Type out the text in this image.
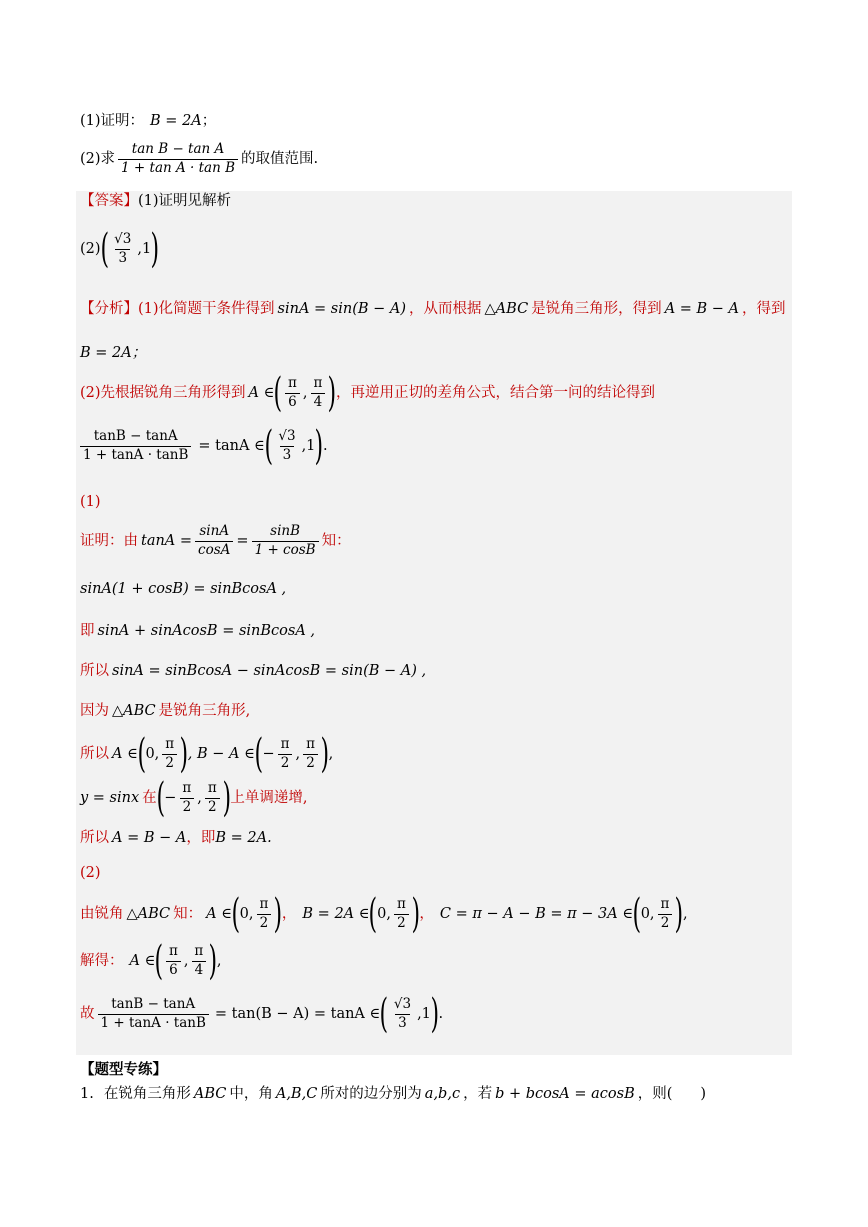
(1)证明： B = 2A ；
(2)求 $\frac{\text{tan B − tan A}}{\text{1 + tan A · tan B}}$ 的取值范围.
【答案】 (1)证明见解析
(2) ( $\frac{√3}{3} ,1$ )
【分析】 (1)化简题干条件得到 sinA = sin(B − A) ，从而根据 △ABC 是锐角三角形，得到 A = B − A ，得到
B = 2A；
(2)先根据锐角三角形得到 A ∈ ( $\frac{\pi}{6}$ , $\frac{\pi}{4}$ ) ，再逆用正切的差角公式，结合第一问的结论得到
$\frac{\tan B - \tan A}{1 + \tan A \cdot \tan B} = \tan A$ ∈ ( $\frac{√3}{3} ,1$ ) .
(1)
证明：由 $\tan A = \frac{\sin A}{\cos A} = \frac{\sin B}{1 + \cos B}$ 知：
sinA(1 + cosB) = sinBcosA ,
即 sinA + sinAcosB = sinBcosA ,
所以 sinA = sinBcosA − sinAcosB = sin(B − A) ,
因为 △ABC 是锐角三角形,
所以 A ∈ ( 0, $\frac{\pi}{2}$ ) , B − A ∈ ( − $\frac{\pi}{2}$ , $\frac{\pi}{2}$ ) ,
y = sinx 在 ( − $\frac{\pi}{2}$ , $\frac{\pi}{2}$ ) 上单调递增,
所以 A = B − A ，即 B = 2A.
(2)
由锐角 △ABC 知： A ∈ ( 0, $\frac{\pi}{2}$ ) ， B = 2A ∈ ( 0, $\frac{\pi}{2}$ ) ， C = π − A − B = π − 3A ∈ ( 0, $\frac{\pi}{2}$ ) ,
解得： A ∈ ( $\frac{\pi}{6}$ , $\frac{\pi}{4}$ ) ,
故 $\frac{\tan B - \tan A}{1 + \tan A \cdot \tan B} = \tan(B - A) = \tan A$ ∈ ( $\frac{√3}{3} ,1$ ) .
【题型专练】
1. 在锐角三角形 ABC 中，角 A,B,C 所对的边分别为 a,b,c ，若 b + bcosA = acosB ，则( )
